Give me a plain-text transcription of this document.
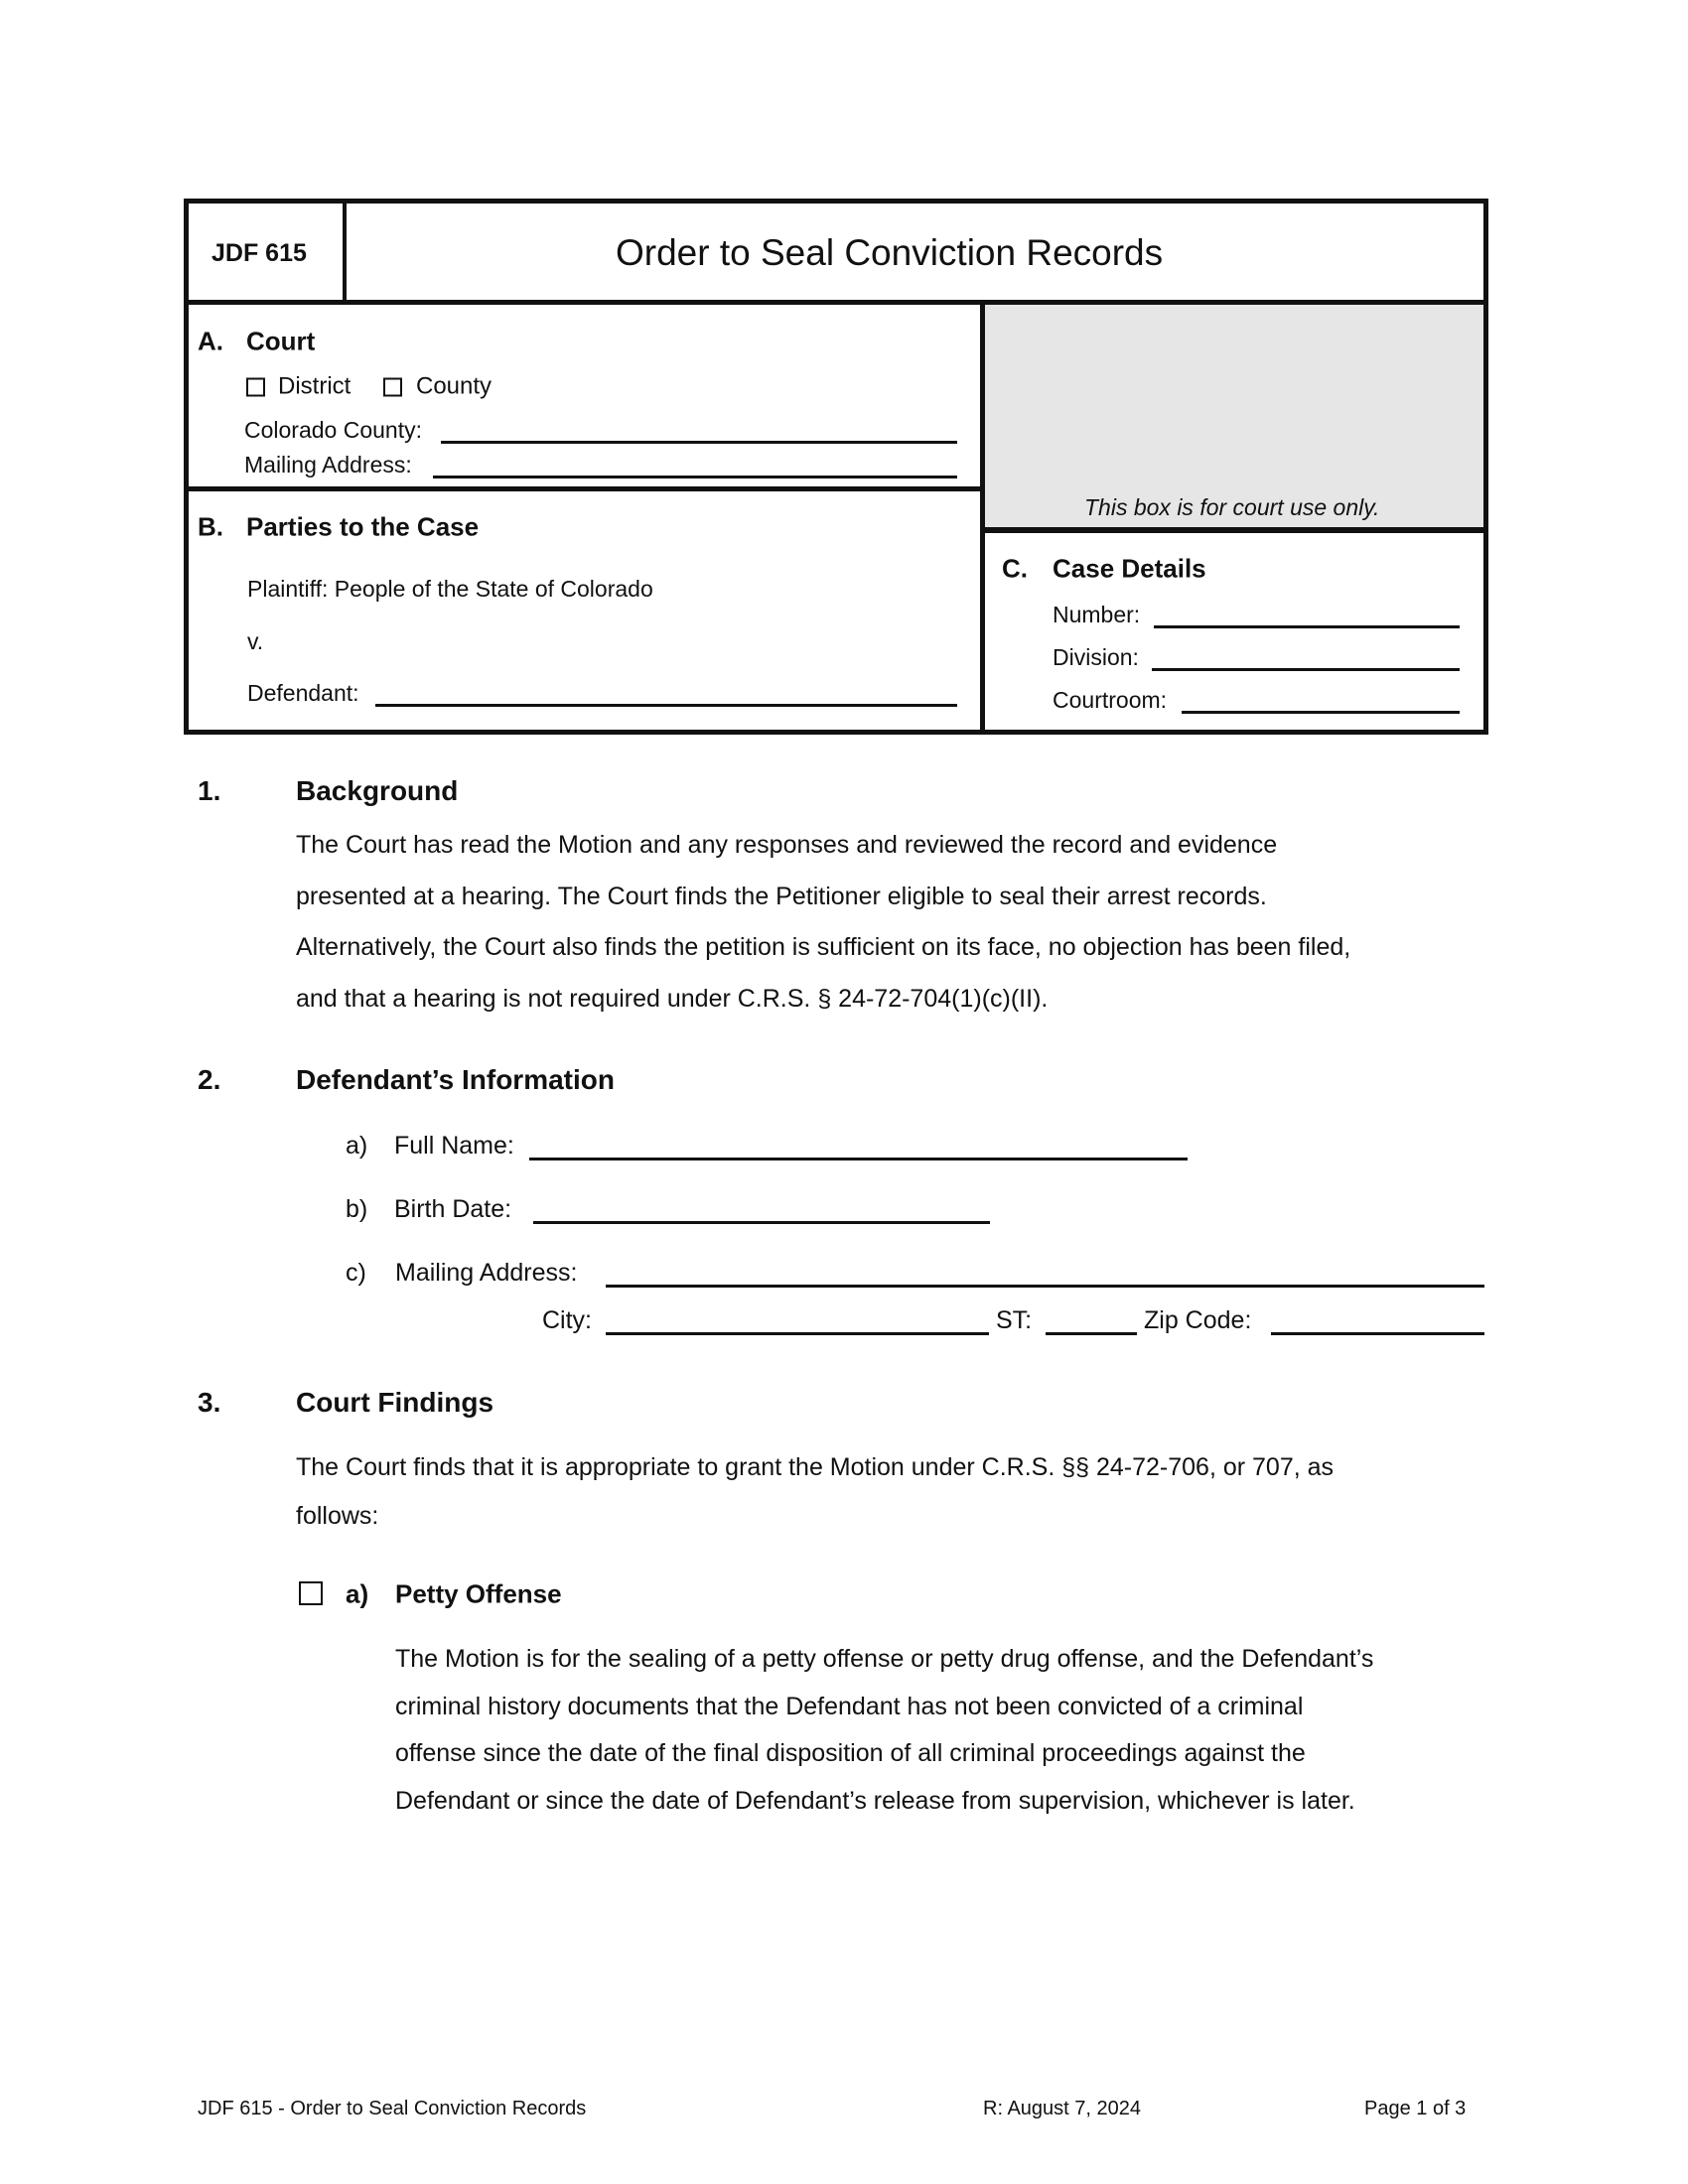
JDF 615	Order to Seal Conviction Records
A. Court
District	County
Colorado County:
Mailing Address:
B. Parties to the Case
Plaintiff: People of the State of Colorado
v.
Defendant:
This box is for court use only.
C. Case Details
Number:
Division:
Courtroom:
1.	Background
The Court has read the Motion and any responses and reviewed the record and evidence
presented at a hearing. The Court finds the Petitioner eligible to seal their arrest records.
Alternatively, the Court also finds the petition is sufficient on its face, no objection has been filed,
and that a hearing is not required under C.R.S. § 24-72-704(1)(c)(II).
2.	Defendant’s Information
a) Full Name:
b) Birth Date:
c) Mailing Address:
City:	ST:	Zip Code:
3.	Court Findings
The Court finds that it is appropriate to grant the Motion under C.R.S. §§ 24-72-706, or 707, as
follows:
a) Petty Offense
The Motion is for the sealing of a petty offense or petty drug offense, and the Defendant’s
criminal history documents that the Defendant has not been convicted of a criminal
offense since the date of the final disposition of all criminal proceedings against the
Defendant or since the date of Defendant’s release from supervision, whichever is later.
JDF 615 - Order to Seal Conviction Records	R: August 7, 2024	Page 1 of 3
